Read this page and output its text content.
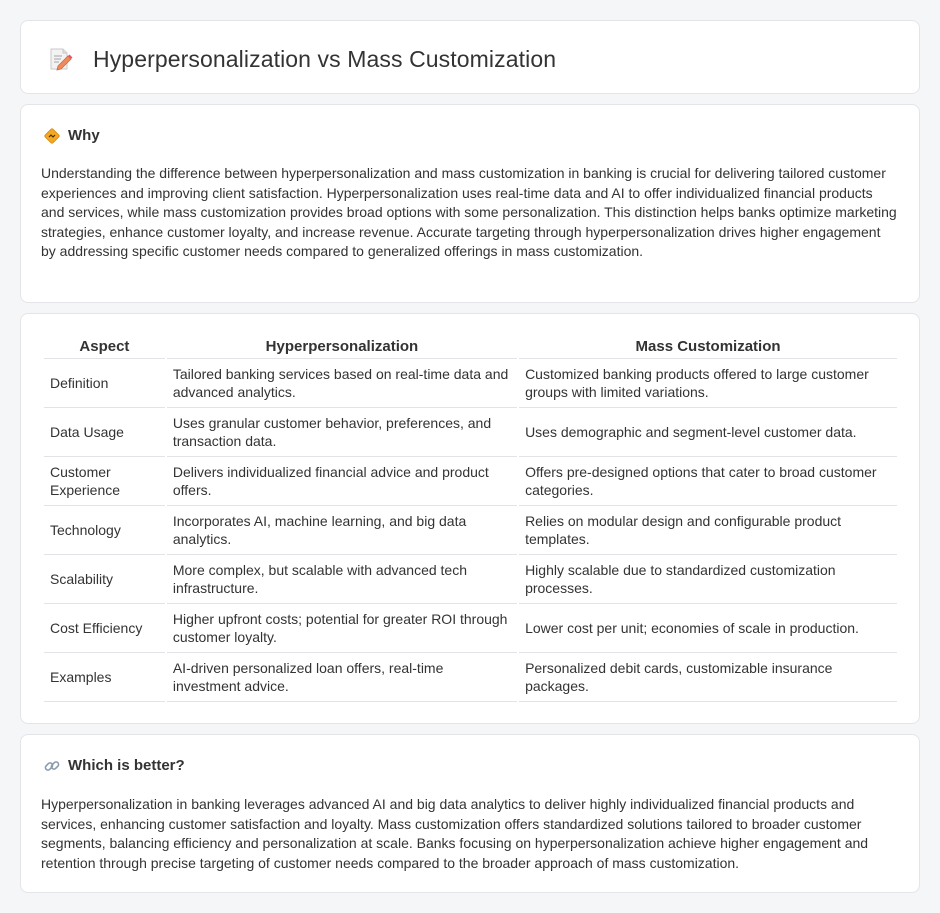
Hyperpersonalization vs Mass Customization
Why

Understanding the difference between hyperpersonalization and mass customization in banking is crucial for delivering tailored customer experiences and improving client satisfaction. Hyperpersonalization uses real-time data and AI to offer individualized financial products and services, while mass customization provides broad options with some personalization. This distinction helps banks optimize marketing strategies, enhance customer loyalty, and increase revenue. Accurate targeting through hyperpersonalization drives higher engagement by addressing specific customer needs compared to generalized offerings in mass customization.

Aspect	Hyperpersonalization	Mass Customization
Definition	Tailored banking services based on real-time data and advanced analytics.	Customized banking products offered to large customer groups with limited variations.
Data Usage	Uses granular customer behavior, preferences, and transaction data.	Uses demographic and segment-level customer data.
Customer Experience	Delivers individualized financial advice and product offers.	Offers pre-designed options that cater to broad customer categories.
Technology	Incorporates AI, machine learning, and big data analytics.	Relies on modular design and configurable product templates.
Scalability	More complex, but scalable with advanced tech infrastructure.	Highly scalable due to standardized customization processes.
Cost Efficiency	Higher upfront costs; potential for greater ROI through customer loyalty.	Lower cost per unit; economies of scale in production.
Examples	AI-driven personalized loan offers, real-time investment advice.	Personalized debit cards, customizable insurance packages.
Which is better?

Hyperpersonalization in banking leverages advanced AI and big data analytics to deliver highly individualized financial products and services, enhancing customer satisfaction and loyalty. Mass customization offers standardized solutions tailored to broader customer segments, balancing efficiency and personalization at scale. Banks focusing on hyperpersonalization achieve higher engagement and retention through precise targeting of customer needs compared to the broader approach of mass customization.
